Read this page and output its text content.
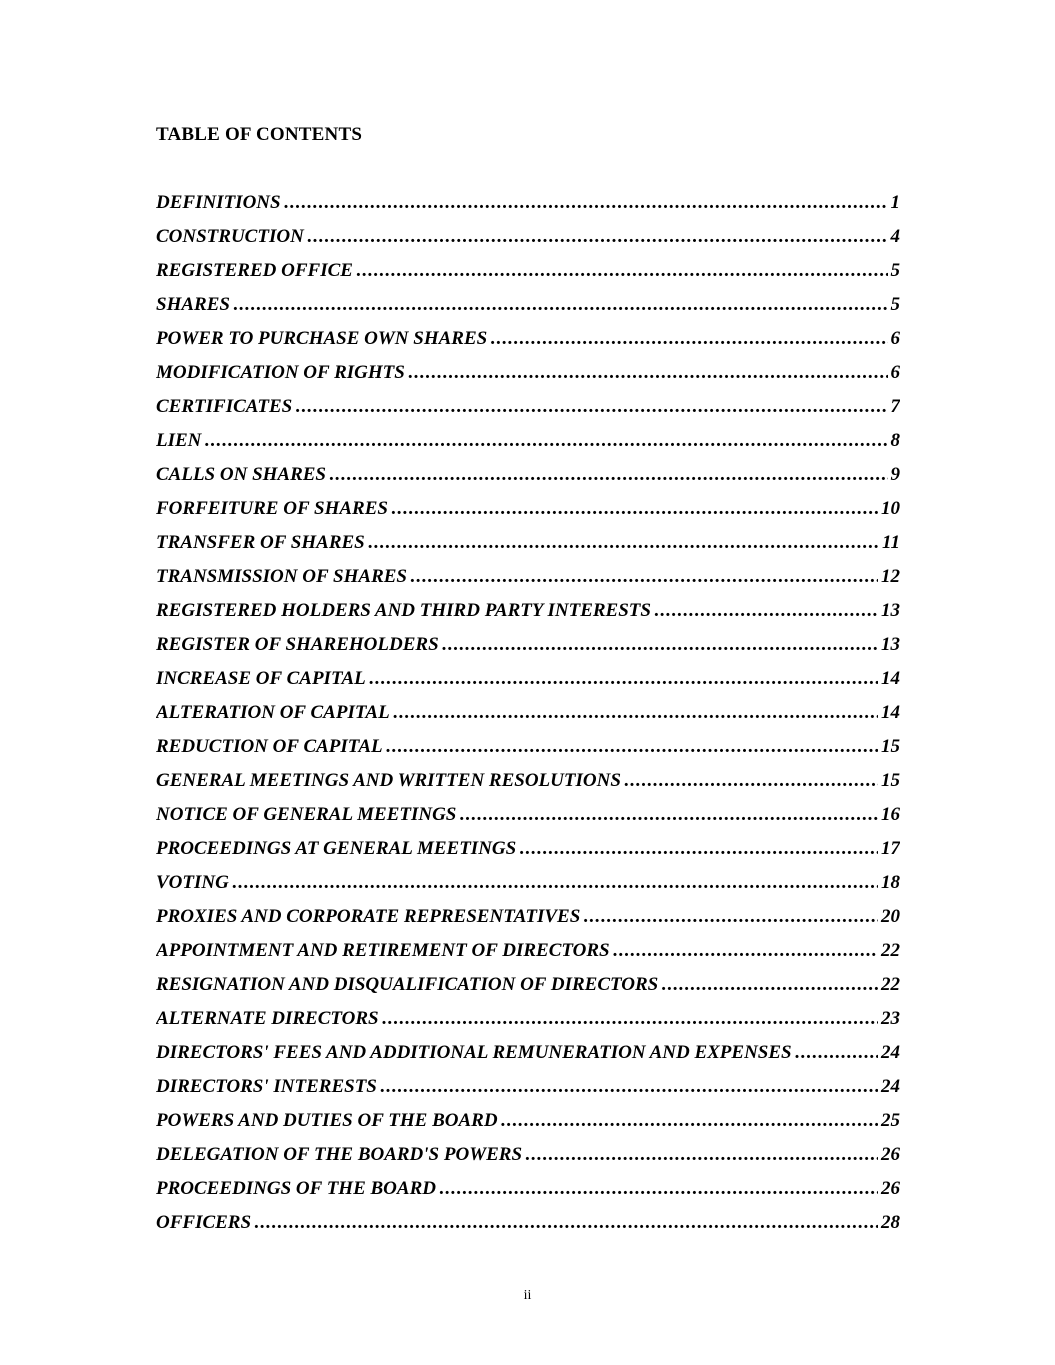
TABLE OF CONTENTS
DEFINITIONS .....	1
CONSTRUCTION .....	4
REGISTERED OFFICE .....	5
SHARES .....	5
POWER TO PURCHASE OWN SHARES .....	6
MODIFICATION OF RIGHTS .....	6
CERTIFICATES .....	7
LIEN .....	8
CALLS ON SHARES .....	9
FORFEITURE OF SHARES .....	10
TRANSFER OF SHARES .....	11
TRANSMISSION OF SHARES .....	12
REGISTERED HOLDERS AND THIRD PARTY INTERESTS .....	13
REGISTER OF SHAREHOLDERS .....	13
INCREASE OF CAPITAL .....	14
ALTERATION OF CAPITAL .....	14
REDUCTION OF CAPITAL .....	15
GENERAL MEETINGS AND WRITTEN RESOLUTIONS .....	15
NOTICE OF GENERAL MEETINGS .....	16
PROCEEDINGS AT GENERAL MEETINGS .....	17
VOTING .....	18
PROXIES AND CORPORATE REPRESENTATIVES .....	20
APPOINTMENT AND RETIREMENT OF DIRECTORS .....	22
RESIGNATION AND DISQUALIFICATION OF DIRECTORS .....	22
ALTERNATE DIRECTORS .....	23
DIRECTORS' FEES AND ADDITIONAL REMUNERATION AND EXPENSES .....	24
DIRECTORS' INTERESTS .....	24
POWERS AND DUTIES OF THE BOARD .....	25
DELEGATION OF THE BOARD'S POWERS .....	26
PROCEEDINGS OF THE BOARD .....	26
OFFICERS .....	28
ii
